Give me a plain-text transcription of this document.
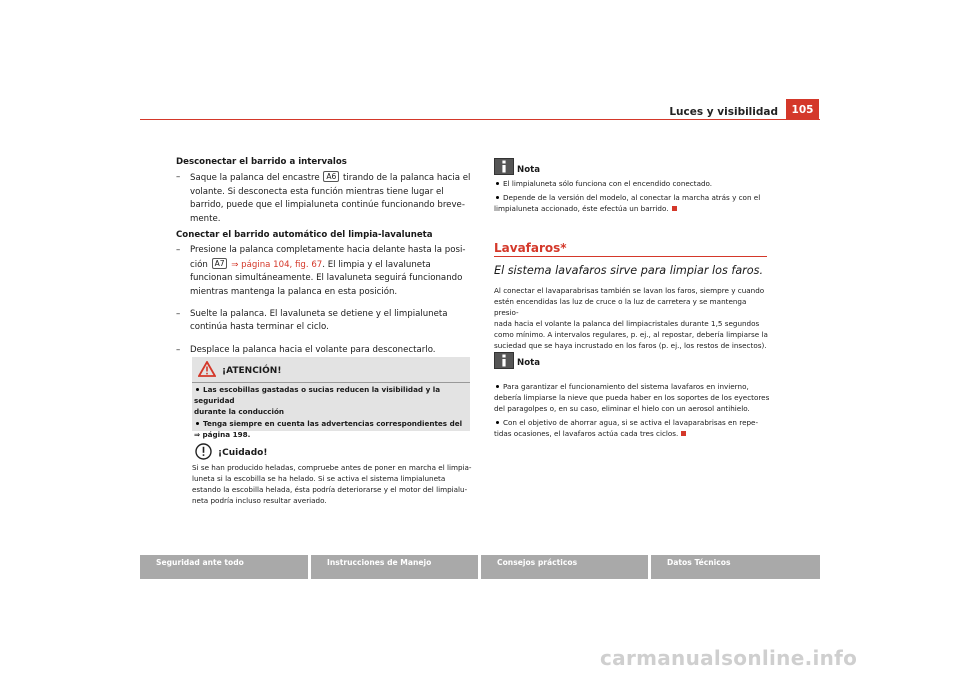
Luces y visibilidad	105
Desconectar el barrido a intervalos
–	Saque la palanca del encastre A6 tirando de la palanca hacia el
volante. Si desconecta esta función mientras tiene lugar el
barrido, puede que el limpialuneta continúe funcionando breve-
mente.
Conectar el barrido automático del limpia-lavaluneta
–	Presione la palanca completamente hacia delante hasta la posi-
ción A7 ⇒ página 104, fig. 67. El limpia y el lavaluneta
funcionan simultáneamente. El lavaluneta seguirá funcionando
mientras mantenga la palanca en esta posición.
–	Suelte la palanca. El lavaluneta se detiene y el limpialuneta
continúa hasta terminar el ciclo.
–	Desplace la palanca hacia el volante para desconectarlo.
¡ATENCIÓN!
Las escobillas gastadas o sucias reducen la visibilidad y la seguridad
durante la conducción
Tenga siempre en cuenta las advertencias correspondientes del
⇒ página 198.
¡Cuidado!
Si se han producido heladas, compruebe antes de poner en marcha el limpia-
luneta si la escobilla se ha helado. Si se activa el sistema limpialuneta
estando la escobilla helada, ésta podría deteriorarse y el motor del limpialu-
neta podría incluso resultar averiado.
Nota
El limpialuneta sólo funciona con el encendido conectado.
Depende de la versión del modelo, al conectar la marcha atrás y con el
limpialuneta accionado, éste efectúa un barrido.
Lavafaros*
El sistema lavafaros sirve para limpiar los faros.
Al conectar el lavaparabrisas también se lavan los faros, siempre y cuando
estén encendidas las luz de cruce o la luz de carretera y se mantenga presio-
nada hacia el volante la palanca del limpiacristales durante 1,5 segundos
como mínimo. A intervalos regulares, p. ej., al repostar, debería limpiarse la
suciedad que se haya incrustado en los faros (p. ej., los restos de insectos).
Nota
Para garantizar el funcionamiento del sistema lavafaros en invierno,
debería limpiarse la nieve que pueda haber en los soportes de los eyectores
del paragolpes o, en su caso, eliminar el hielo con un aerosol antihielo.
Con el objetivo de ahorrar agua, si se activa el lavaparabrisas en repe-
tidas ocasiones, el lavafaros actúa cada tres ciclos.
Seguridad ante todo	Instrucciones de Manejo	Consejos prácticos	Datos Técnicos
carmanualsonline.info
